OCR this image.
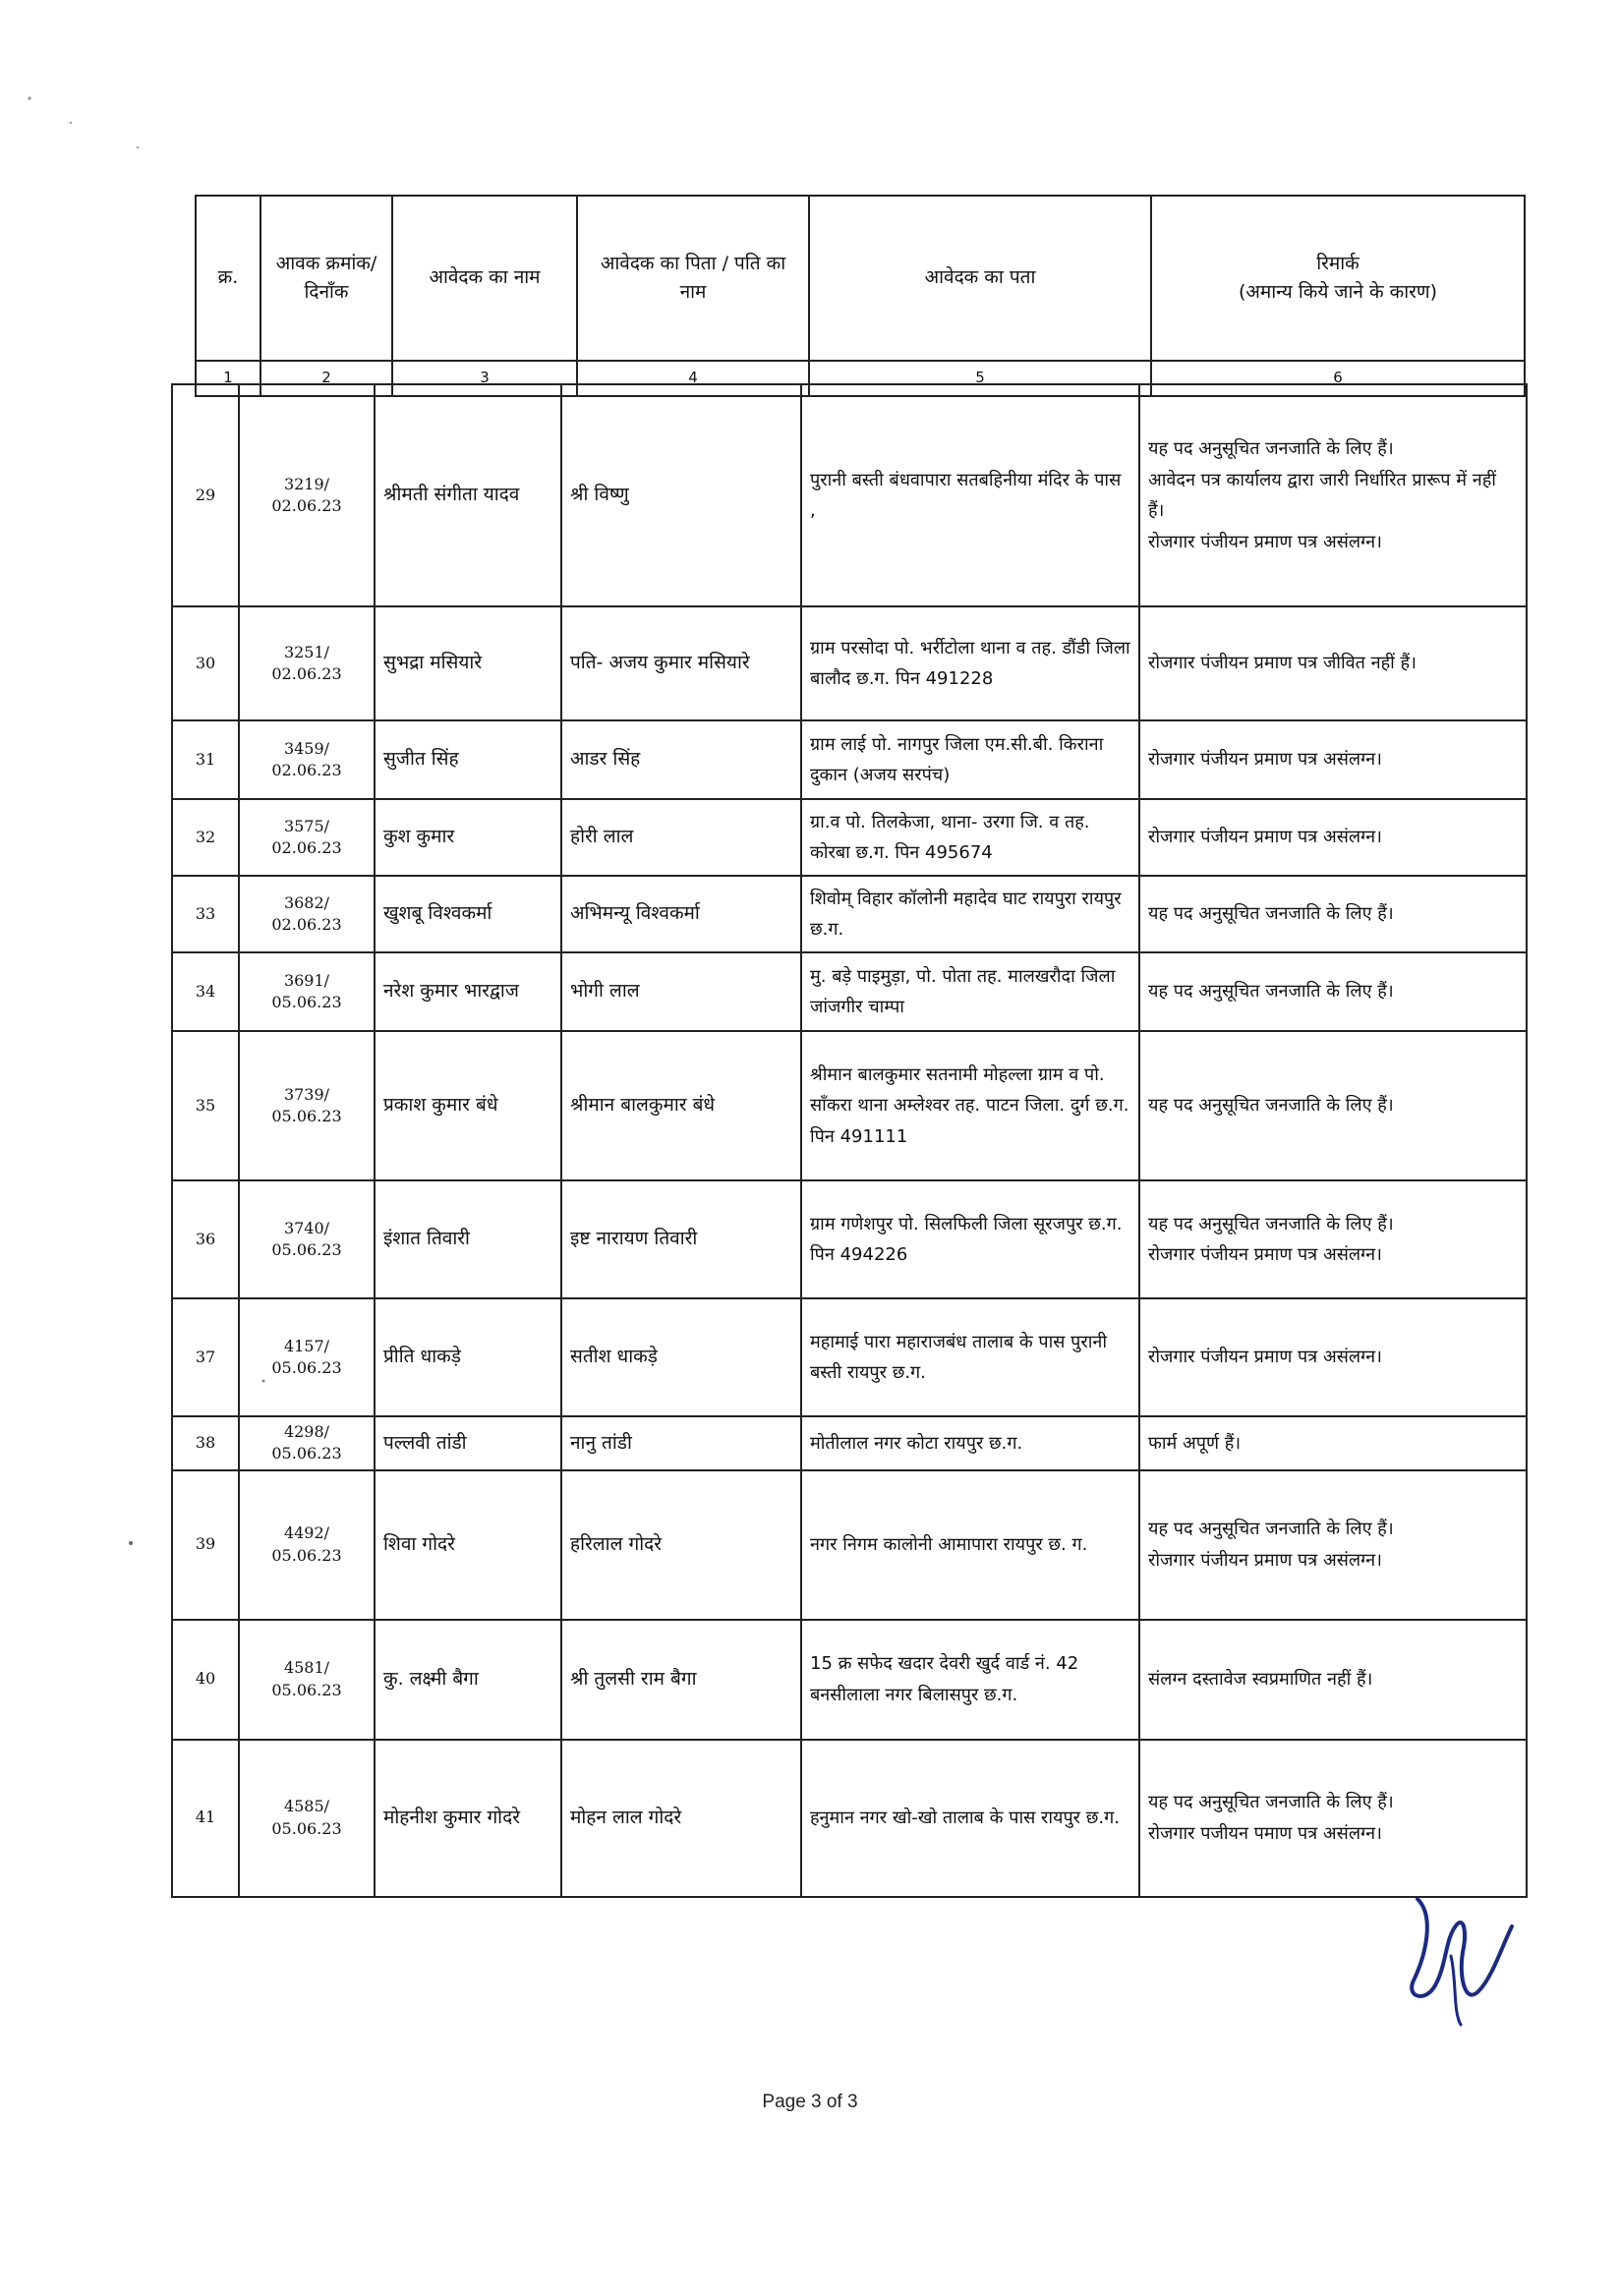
क्र.	आवक क्रमांक/ दिनॉंक	आवेदक का नाम	आवेदक का पिता / पति का नाम	आवेदक का पता	रिमार्क
(अमान्य किये जाने के कारण)

1	2	3	4	5	6
29	3219/
02.06.23	श्रीमती संगीता यादव	श्री विष्णु	पुरानी बस्ती बंधवापारा सतबहिनीया मंदिर के पास ,	यह पद अनुसूचित जनजाति के लिए हैं।
आवेदन पत्र कार्यालय द्वारा जारी निर्धारित प्रारूप में नहीं हैं।
रोजगार पंजीयन प्रमाण पत्र असंलग्न।

30	3251/
02.06.23	सुभद्रा मसियारे	पति- अजय कुमार मसियारे	ग्राम परसोदा पो. भर्रीटोला थाना व तह. डौंडी जिला बालौद छ.ग. पिन 491228	रोजगार पंजीयन प्रमाण पत्र जीवित नहीं हैं।

31	3459/
02.06.23	सुजीत सिंह	आडर सिंह	ग्राम लाई पो. नागपुर जिला एम.सी.बी. किराना दुकान (अजय सरपंच)	रोजगार पंजीयन प्रमाण पत्र असंलग्न।

32	3575/
02.06.23	कुश कुमार	होरी लाल	ग्रा.व पो. तिलकेजा, थाना- उरगा जि. व तह. कोरबा छ.ग. पिन 495674	रोजगार पंजीयन प्रमाण पत्र असंलग्न।

33	3682/
02.06.23	खुशबू विश्वकर्मा	अभिमन्यू विश्वकर्मा	शिवोम् विहार कॉलोनी महादेव घाट रायपुरा रायपुर छ.ग.	यह पद अनुसूचित जनजाति के लिए हैं।

34	3691/
05.06.23	नरेश कुमार भारद्वाज	भोगी लाल	मु. बड़े पाइमुड़ा, पो. पोता तह. मालखरौदा जिला जांजगीर चाम्पा	यह पद अनुसूचित जनजाति के लिए हैं।

35	3739/
05.06.23	प्रकाश कुमार बंधे	श्रीमान बालकुमार बंधे	श्रीमान बालकुमार सतनामी मोहल्ला ग्राम व पो. सॉंकरा थाना अम्लेश्वर तह. पाटन जिला. दुर्ग छ.ग. पिन 491111	यह पद अनुसूचित जनजाति के लिए हैं।

36	3740/
05.06.23	इंशात तिवारी	इष्ट नारायण तिवारी	ग्राम गणेशपुर पो. सिलफिली जिला सूरजपुर छ.ग. पिन 494226	यह पद अनुसूचित जनजाति के लिए हैं।
रोजगार पंजीयन प्रमाण पत्र असंलग्न।

37	4157/
05.06.23	प्रीति धाकड़े	सतीश धाकड़े	महामाई पारा महाराजबंध तालाब के पास पुरानी बस्ती रायपुर छ.ग.	रोजगार पंजीयन प्रमाण पत्र असंलग्न।

38	4298/
05.06.23	पल्लवी तांडी	नानु तांडी	मोतीलाल नगर कोटा रायपुर छ.ग.	फार्म अपूर्ण हैं।

39	4492/
05.06.23	शिवा गोदरे	हरिलाल गोदरे	नगर निगम कालोनी आमापारा रायपुर छ. ग.	यह पद अनुसूचित जनजाति के लिए हैं।
रोजगार पंजीयन प्रमाण पत्र असंलग्न।

40	4581/
05.06.23	कु. लक्ष्मी बैगा	श्री तुलसी राम बैगा	15 क्र सफेद खदार देवरी खुर्द वार्ड नं. 42 बनसीलाला नगर बिलासपुर छ.ग.	संलग्न दस्तावेज स्वप्रमाणित नहीं हैं।

41	4585/
05.06.23	मोहनीश कुमार गोदरे	मोहन लाल गोदरे	हनुमान नगर खो-खो तालाब के पास रायपुर छ.ग.	यह पद अनुसूचित जनजाति के लिए हैं।
रोजगार पजीयन पमाण पत्र असंलग्न।
Page 3 of 3
